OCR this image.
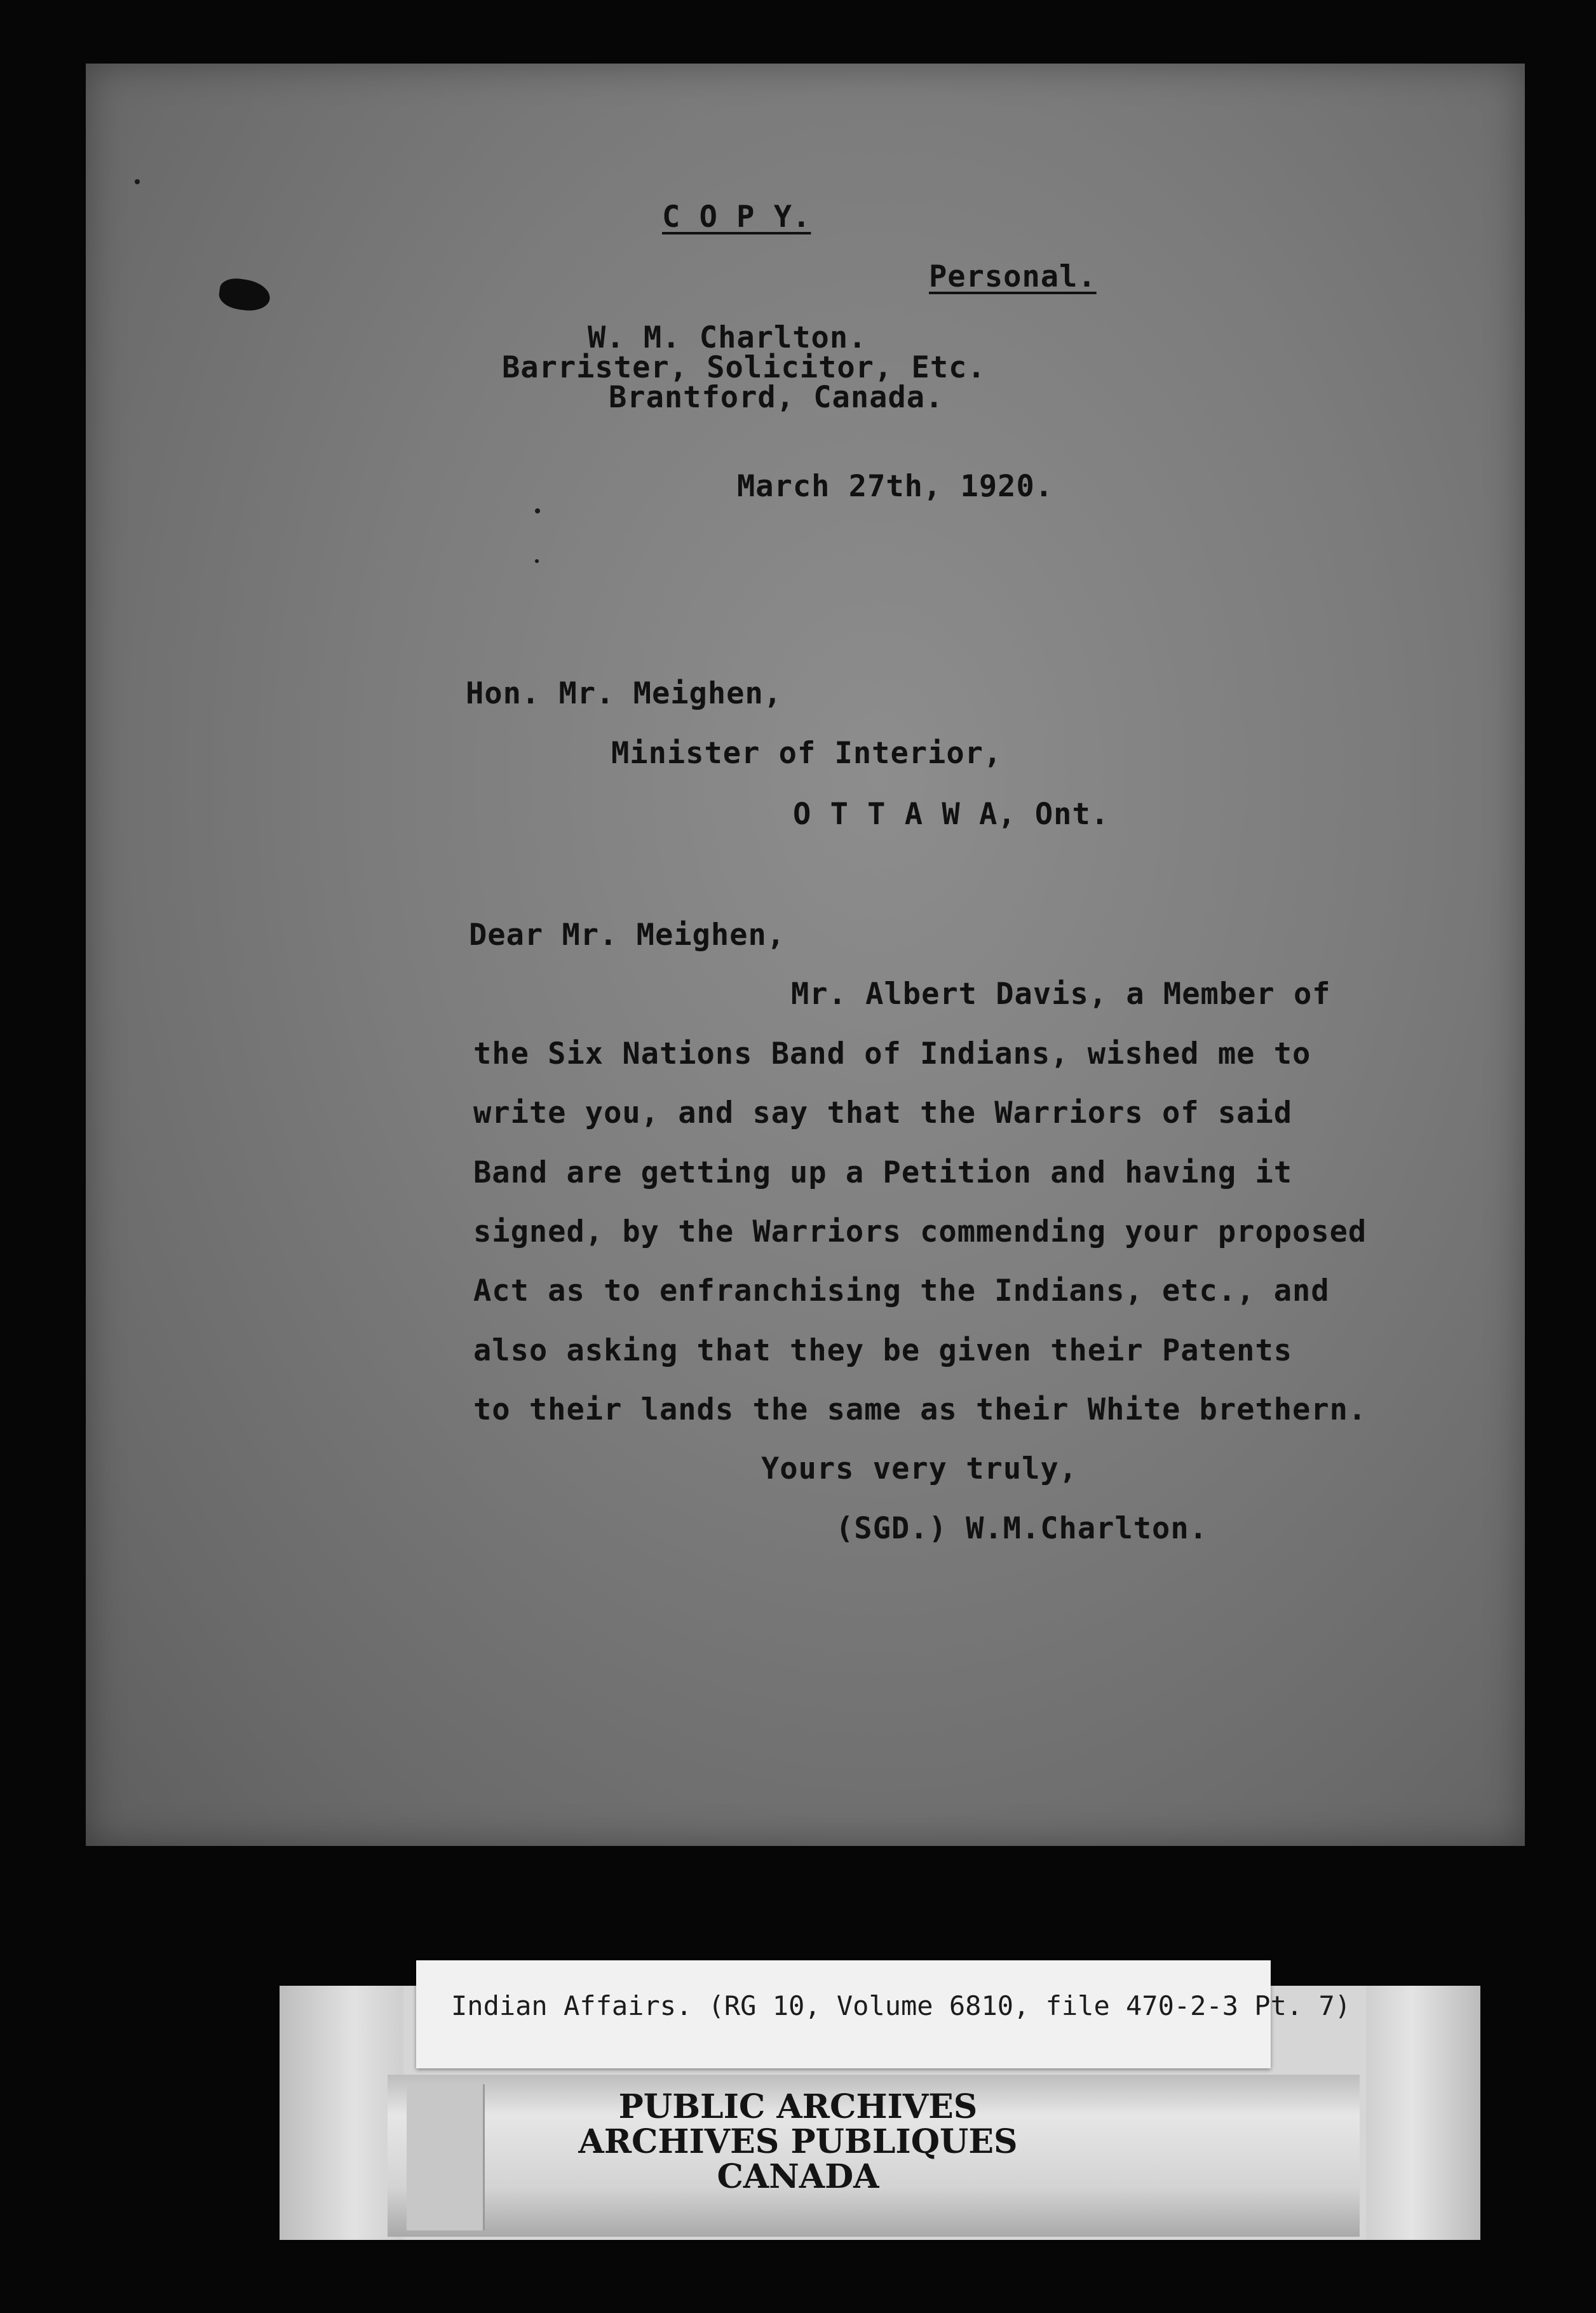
C O P Y.
Personal.
W. M. Charlton.
Barrister, Solicitor, Etc.
Brantford, Canada.
March 27th, 1920.
Hon. Mr. Meighen,
Minister of Interior,
O T T A W A, Ont.
Dear Mr. Meighen,
Mr. Albert Davis, a Member of
the Six Nations Band of Indians, wished me to
write you, and say that the Warriors of said
Band are getting up a Petition and having it
signed, by the Warriors commending your proposed
Act as to enfranchising the Indians, etc., and
also asking that they be given their Patents
to their lands the same as their White brethern.
Yours very truly,
(SGD.) W.M.Charlton.
Indian Affairs. (RG 10, Volume 6810, file 470-2-3 Pt. 7)
PUBLIC ARCHIVES
ARCHIVES PUBLIQUES
CANADA
